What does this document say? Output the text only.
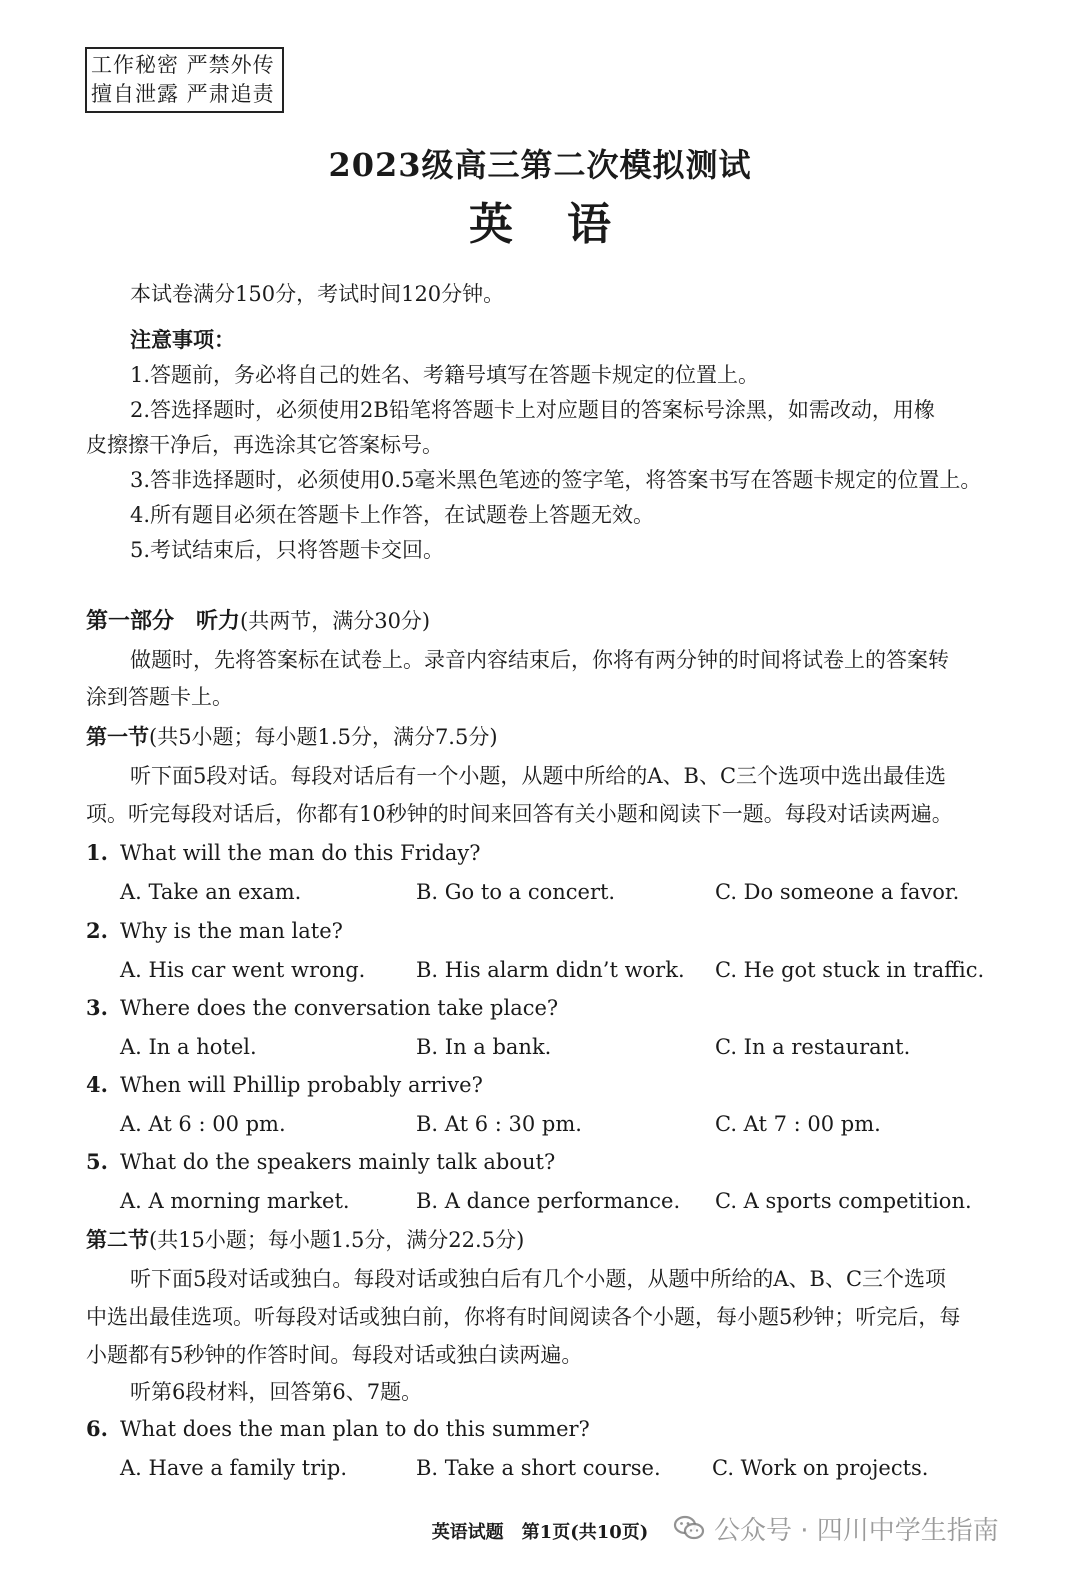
工作秘密 严禁外传
擅自泄露 严肃追责
2023级高三第二次模拟测试
英语
本试卷满分150分，考试时间120分钟。
注意事项：
1.答题前，务必将自己的姓名、考籍号填写在答题卡规定的位置上。
2.答选择题时，必须使用2B铅笔将答题卡上对应题目的答案标号涂黑，如需改动，用橡
皮擦擦干净后，再选涂其它答案标号。
3.答非选择题时，必须使用0.5毫米黑色笔迹的签字笔，将答案书写在答题卡规定的位置上。
4.所有题目必须在答题卡上作答，在试题卷上答题无效。
5.考试结束后，只将答题卡交回。
第一部分　听力(共两节，满分30分)
做题时，先将答案标在试卷上。录音内容结束后，你将有两分钟的时间将试卷上的答案转
涂到答题卡上。
第一节(共5小题；每小题1.5分，满分7.5分)
听下面5段对话。每段对话后有一个小题，从题中所给的A、B、C三个选项中选出最佳选
项。听完每段对话后，你都有10秒钟的时间来回答有关小题和阅读下一题。每段对话读两遍。
1. What will the man do this Friday?
A. Take an exam.	B. Go to a concert.	C. Do someone a favor.
2. Why is the man late?
A. His car went wrong. B. His alarm didn’t work. C. He got stuck in traffic.
3. Where does the conversation take place?
A. In a hotel.	B. In a bank.	C. In a restaurant.
4. When will Phillip probably arrive?
A. At 6 : 00 pm.	B. At 6 : 30 pm.	C. At 7 : 00 pm.
5. What do the speakers mainly talk about?
A. A morning market.	B. A dance performance. C. A sports competition.
第二节(共15小题；每小题1.5分，满分22.5分)
听下面5段对话或独白。每段对话或独白后有几个小题，从题中所给的A、B、C三个选项
中选出最佳选项。听每段对话或独白前，你将有时间阅读各个小题，每小题5秒钟；听完后，每
小题都有5秒钟的作答时间。每段对话或独白读两遍。
听第6段材料，回答第6、7题。
6. What does the man plan to do this summer?
A. Have a family trip.	B. Take a short course. C. Work on projects.
英语试题　第1页(共10页)	公众号 · 四川中学生指南
